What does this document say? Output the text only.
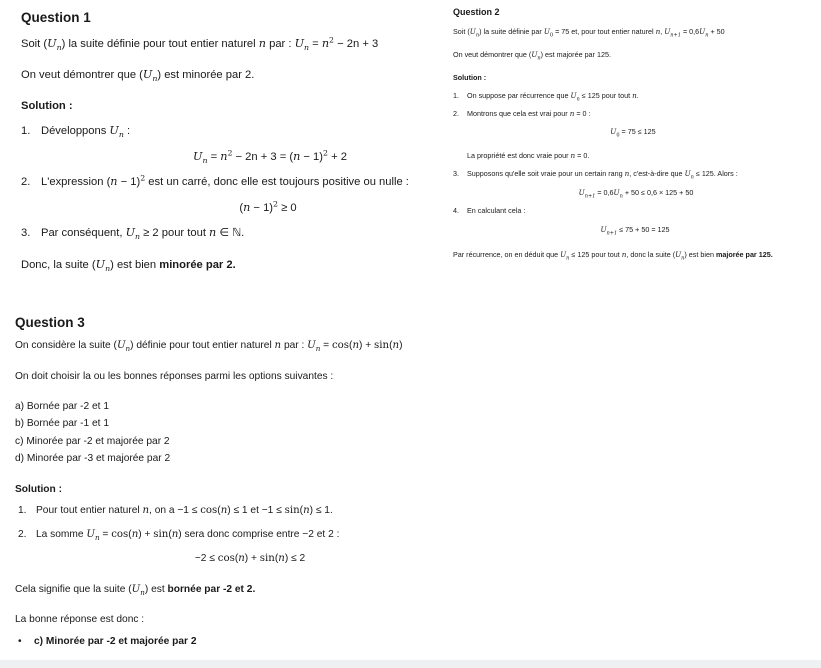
Question 1
Soit $(U_n)$ la suite définie pour tout entier naturel n par : $U_n = n^2 - 2n + 3$
On veut démontrer que $(U_n)$ est minorée par 2.
Solution :
1. Développons $U_n$ :
$U_n = n^2 - 2n + 3 = (n - 1)^2 + 2$
2. L'expression $(n - 1)^2$ est un carré, donc elle est toujours positive ou nulle :
$(n - 1)^2 \ge 0$
3. Par conséquent, $U_n \ge 2$ pour tout n ∈ ℕ.
Donc, la suite $(U_n)$ est bien minorée par 2.
Question 2
Soit $(U_n)$ la suite définie par $U_0 = 75$ et, pour tout entier naturel n, $U_{n+1} = 0,6U_n + 50$
On veut démontrer que $(U_n)$ est majorée par 125.
Solution :
1. On suppose par récurrence que $U_n \le 125$ pour tout n.
2. Montrons que cela est vrai pour n = 0 :
$U_0 = 75 \le 125$
La propriété est donc vraie pour n = 0.
3. Supposons qu'elle soit vraie pour un certain rang n, c'est-à-dire que $U_n \le 125$. Alors :
$U_{n+1} = 0,6U_n + 50 \le 0,6 \times 125 + 50$
4. En calculant cela :
$U_{n+1} \le 75 + 50 = 125$
Par récurrence, on en déduit que $U_n \le 125$ pour tout n, donc la suite $(U_n)$ est bien majorée par 125.
Question 3
On considère la suite $(U_n)$ définie pour tout entier naturel n par : $U_n = \cos(n) + \sin(n)$
On doit choisir la ou les bonnes réponses parmi les options suivantes :
a) Bornée par -2 et 1
b) Bornée par -1 et 1
c) Minorée par -2 et majorée par 2
d) Minorée par -3 et majorée par 2
Solution :
1. Pour tout entier naturel n, on a −1 ≤ cos(n) ≤ 1 et −1 ≤ sin(n) ≤ 1.
2. La somme $U_n = \cos(n) + \sin(n)$ sera donc comprise entre −2 et 2 :
−2 ≤ cos(n) + sin(n) ≤ 2
Cela signifie que la suite $(U_n)$ est bornée par -2 et 2.
La bonne réponse est donc :
• c) Minorée par -2 et majorée par 2
